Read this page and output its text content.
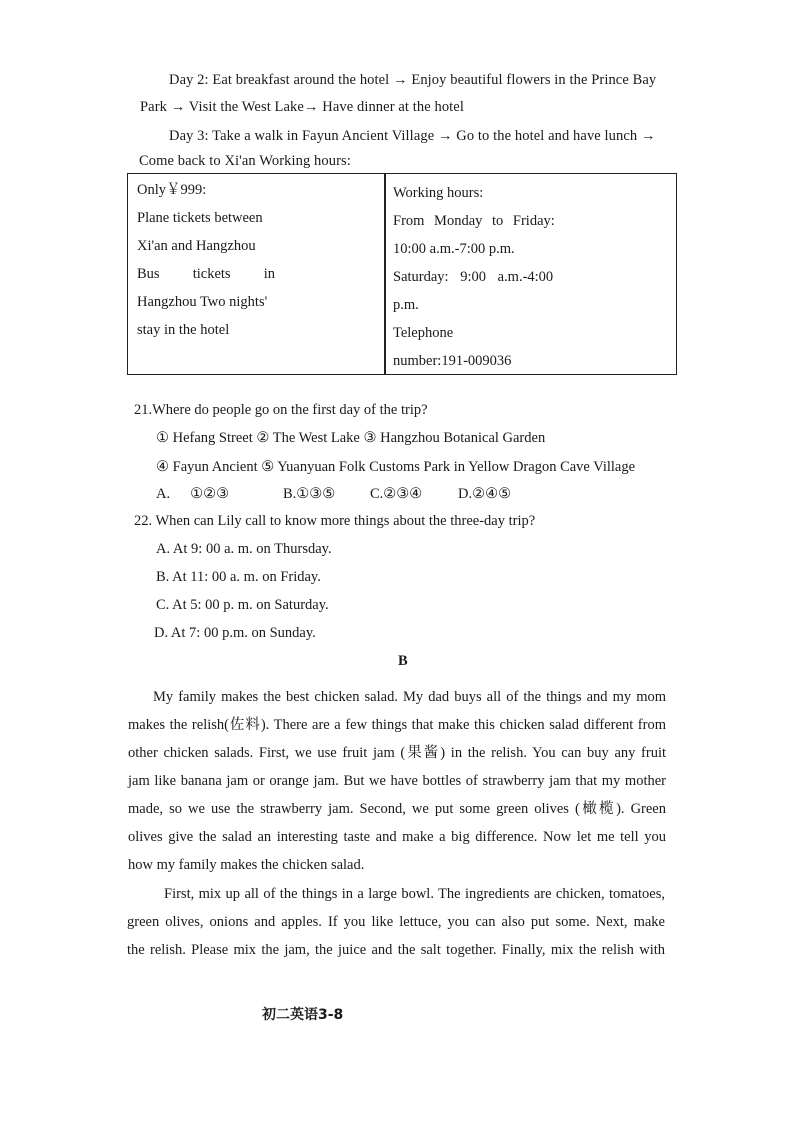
Day 2: Eat breakfast around the hotel → Enjoy beautiful flowers in the Prince Bay
Park → Visit the West Lake→ Have dinner at the hotel
Day 3: Take a walk in Fayun Ancient Village → Go to the hotel and have lunch →
Come back to Xi'an Working hours:
Only￥999:
Plane tickets between
Xi'an and Hangzhou
Bus tickets in
Hangzhou Two nights'
stay in the hotel
Working hours:
From Monday to Friday:
10:00 a.m.-7:00 p.m.
Saturday: 9:00 a.m.-4:00
p.m.
Telephone
number:191-009036
21.Where do people go on the first day of the trip?
① Hefang Street ② The West Lake ③ Hangzhou Botanical Garden
④ Fayun Ancient ⑤ Yuanyuan Folk Customs Park in Yellow Dragon Cave Village
A. ①②③	B.①③⑤ C.②③④ D.②④⑤
22. When can Lily call to know more things about the three-day trip?
A. At 9: 00 a. m. on Thursday.
B. At 11: 00 a. m. on Friday.
C. At 5: 00 p. m. on Saturday.
D. At 7: 00 p.m. on Sunday.
B
My family makes the best chicken salad. My dad buys all of the things and my mom
makes the relish(佐料). There are a few things that make this chicken salad different from
other chicken salads. First, we use fruit jam (果酱) in the relish. You can buy any fruit
jam like banana jam or orange jam. But we have bottles of strawberry jam that my mother
made, so we use the strawberry jam. Second, we put some green olives (橄榄). Green
olives give the salad an interesting taste and make a big difference. Now let me tell you
how my family makes the chicken salad.
First, mix up all of the things in a large bowl. The ingredients are chicken, tomatoes,
green olives, onions and apples. If you like lettuce, you can also put some. Next, make
the relish. Please mix the jam, the juice and the salt together. Finally, mix the relish with
初二英语3-8
